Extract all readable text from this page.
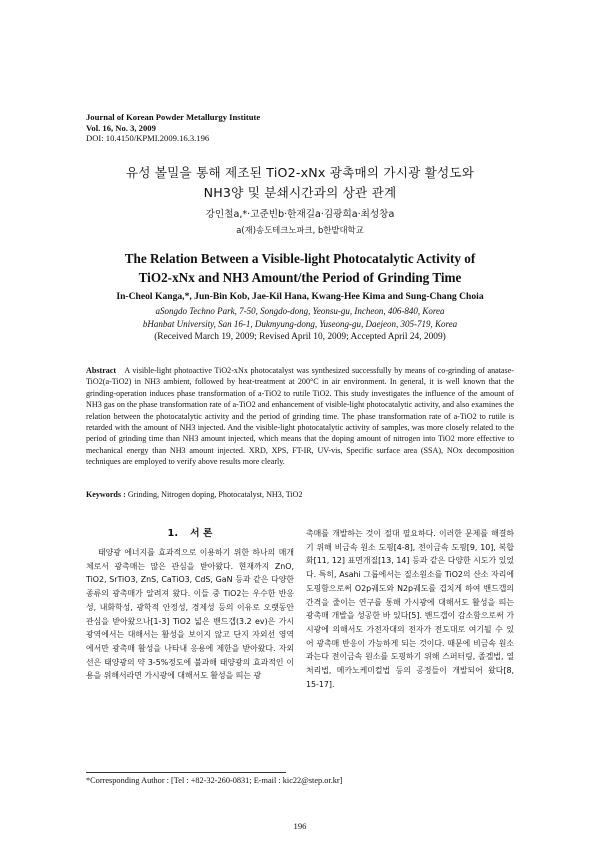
Journal of Korean Powder Metallurgy Institute
Vol. 16, No. 3, 2009
DOI: 10.4150/KPMI.2009.16.3.196
유성 볼밀을 통해 제조된 TiO2-xNx 광촉매의 가시광 활성도와
NH3양 및 분쇄시간과의 상관 관계
강인철a,*·고준빈b·한재길a·김광희a·최성창a
a(재)송도테크노파크, b한밭대학교
The Relation Between a Visible-light Photocatalytic Activity of
TiO2-xNx and NH3 Amount/the Period of Grinding Time
In-Cheol Kanga,*, Jun-Bin Kob, Jae-Kil Hana, Kwang-Hee Kima and Sung-Chang Choia
aSongdo Techno Park, 7-50, Songdo-dong, Yeonsu-gu, Incheon, 406-840, Korea
bHanbat University, San 16-1, Dukmyung-dong, Yuseong-gu, Daejeon, 305-719, Korea
(Received March 19, 2009; Revised April 10, 2009; Accepted April 24, 2009)
Abstract A visible-light photoactive TiO2-xNx photocatalyst was synthesized successfully by means of co-grinding of anatase-TiO2(a-TiO2) in NH3 ambient, followed by heat-treatment at 200°C in air environment. In general, it is well known that the grinding-operation induces phase transformation of a-TiO2 to rutile TiO2. This study investigates the influence of the amount of NH3 gas on the phase transformation rate of a-TiO2 and enhancement of visible-light photocatalytic activity, and also examines the relation between the photocatalytic activity and the period of grinding time. The phase transformation rate of a-TiO2 to rutile is retarded with the amount of NH3 injected. And the visible-light photocatalytic activity of samples, was more closely related to the period of grinding time than NH3 amount injected, which means that the doping amount of nitrogen into TiO2 more effective to mechanical energy than NH3 amount injected. XRD, XPS, FT-IR, UV-vis, Specific surface area (SSA), NOx decomposition techniques are employed to verify above results more clearly.
Keywords : Grinding, Nitrogen doping, Photocatalyst, NH3, TiO2
1. 서 론

태양광 에너지를 효과적으로 이용하기 위한 하나의 매개체로서 광촉매는 많은 관심을 받아왔다. 현재까지 ZnO, TiO2, SrTiO3, ZnS, CaTiO3, CdS, GaN 등과 같은 다양한 종류의 광촉매가 알려져 왔다. 이들 중 TiO2는 우수한 반응성, 내화학성, 광학적 안정성, 경제성 등의 이유로 오랫동안 관심을 받아왔으나[1-3] TiO2 넓은 밴드갭(3.2 ev)은 가시광역에서는 대해서는 활성을 보이지 않고 단지 자외선 영역에서만 광촉매 활성을 나타내 응용에 제한을 받아왔다. 자외선은 태양광의 약 3-5%정도에 불과해 태양광의 효과적인 이용을 위해서라면 가시광에 대해서도 활성을 띄는 광

촉매를 개발하는 것이 절대 필요하다. 이러한 문제를 해결하기 위해 비금속 원소 도핑[4-8], 전이금속 도핑[9, 10], 복합화[11, 12] 표면개질[13, 14] 등과 같은 다양한 시도가 있었다. 특히, Asahi 그룹에서는 질소원소를 TiO2의 산소 자리에 도핑함으로써 O2p궤도와 N2p궤도를 겹치게 하여 밴드갭의 간격을 줄이는 연구를 통해 가시광에 대해서도 활성을 띄는 광촉매 개발을 성공한 바 있다[5]. 밴드갭이 감소함으로써 가시광에 의해서도 가전자대의 전자가 전도대로 여기될 수 있어 광촉매 반응이 가능하게 되는 것이다. 때문에 비금속 원소과는다 전이금속 원소를 도핑하기 위해 스퍼터링, 졸겔법, 열처리법, 메카노케미컬법 등의 공정들이 개발되어 왔다[8, 15-17].

*Corresponding Author : [Tel : +82-32-260-0831; E-mail : kic22@step.or.kr]
196
